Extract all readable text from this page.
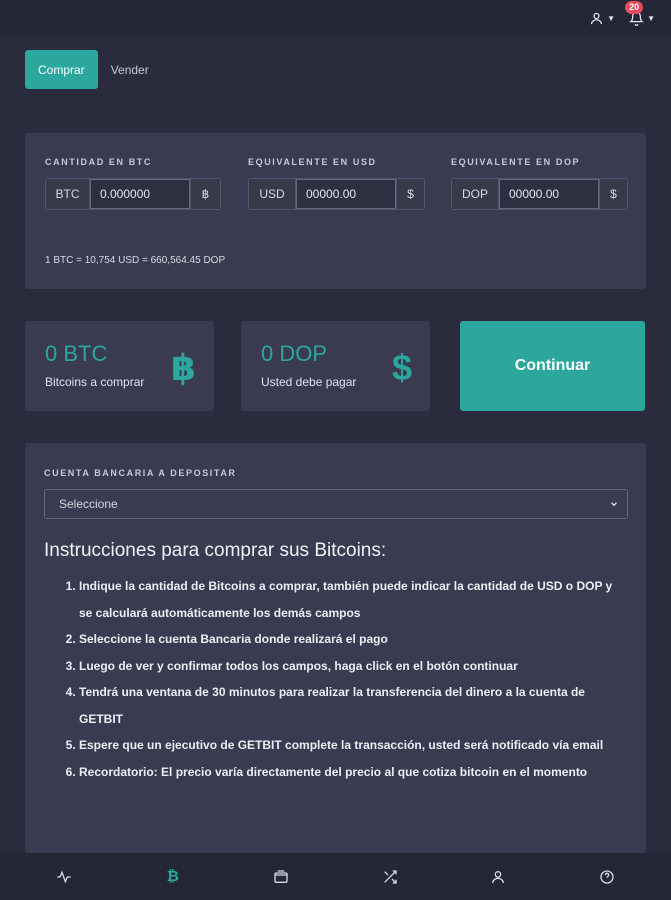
▼
20
▼
Comprar	Vender
CANTIDAD EN BTC
BTC
0.000000	฿
EQUIVALENTE EN USD
USD
00000.00	$
EQUIVALENTE EN DOP
DOP
00000.00	$
1 BTC = 10,754 USD = 660,564.45 DOP
0 BTC
Bitcoins a comprar ฿	0 DOP
Usted debe pagar $	Continuar
CUENTA BANCARIA A DEPOSITAR
Seleccione
Instrucciones para comprar sus Bitcoins:
1. Indique la cantidad de Bitcoins a comprar, también puede indicar la cantidad de USD o DOP y se calculará automáticamente los demás campos
2. Seleccione la cuenta Bancaria donde realizará el pago
3. Luego de ver y confirmar todos los campos, haga click en el botón continuar
4. Tendrá una ventana de 30 minutos para realizar la transferencia del dinero a la cuenta de GETBIT
5. Espere que un ejecutivo de GETBIT complete la transacción, usted será notificado vía email
6. Recordatorio: El precio varía directamente del precio al que cotiza bitcoin en el momento
₿
